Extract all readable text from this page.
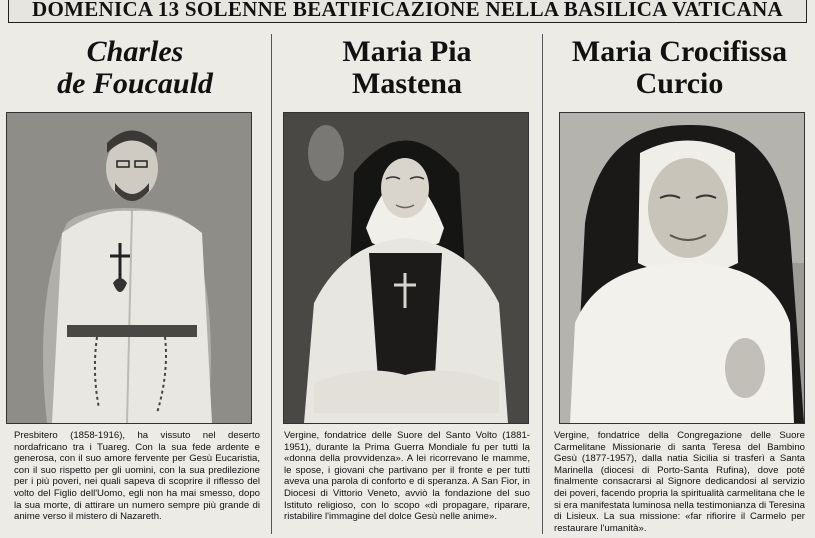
DOMENICA 13 SOLENNE BEATIFICAZIONE NELLA BASILICA VATICANA
Charles
de Foucauld
Presbitero (1858-1916), ha vissuto nel deserto nordafricano tra i Tuareg. Con la sua fede ardente e generosa, con il suo amore fervente per Gesù Eucaristia, con il suo rispetto per gli uomini, con la sua predilezione per i più poveri, nei quali sapeva di scoprire il riflesso del volto del Figlio dell'Uomo, egli non ha mai smesso, dopo la sua morte, di attirare un numero sempre più grande di anime verso il mistero di Nazareth.
Maria Pia
Mastena
Vergine, fondatrice delle Suore del Santo Volto (1881-1951), durante la Prima Guerra Mondiale fu per tutti la «donna della provvidenza». A lei ricorrevano le mamme, le spose, i giovani che partivano per il fronte e per tutti aveva una parola di conforto e di speranza. A San Fior, in Diocesi di Vittorio Veneto, avviò la fondazione del suo Istituto religioso, con lo scopo «di propagare, riparare, ristabilire l'immagine del dolce Gesù nelle anime».
Maria Crocifissa
Curcio
Vergine, fondatrice della Congregazione delle Suore Carmelitane Missionarie di santa Teresa del Bambino Gesù (1877-1957), dalla natia Sicilia si trasferì a Santa Marinella (diocesi di Porto-Santa Rufina), dove poté finalmente consacrarsi al Signore dedicandosi al servizio dei poveri, facendo propria la spiritualità carmelitana che le si era manifestata luminosa nella testimonianza di Teresina di Lisieux. La sua missione: «far rifiorire il Carmelo per restaurare l'umanità».
